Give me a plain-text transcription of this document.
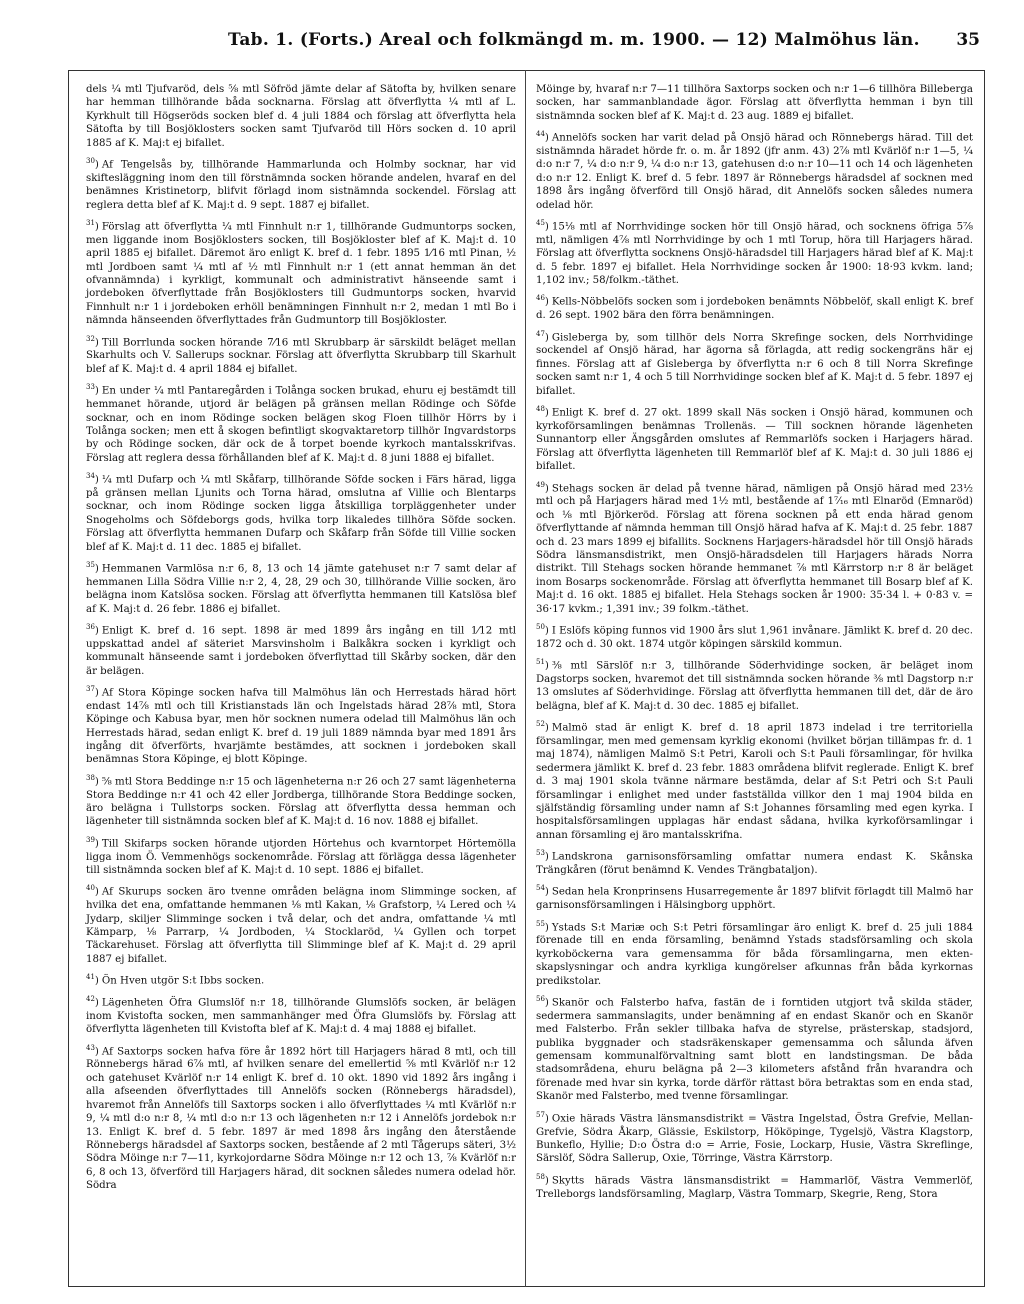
Tab. 1. (Forts.) Areal och folkmängd m. m. 1900. — 12) Malmöhus län. 35
dels ¼ mtl Tjufvaröd, dels ⅝ mtl Söfröd jämte delar af Sätofta by, hvilken senare har hemman tillhörande båda socknarna. Förslag att öfverflytta ¼ mtl af L. Kyrkhult till Högseröds socken blef d. 4 juli 1884 och förslag att öfverflytta hela Sätofta by till Bosjöklosters socken samt Tjufvaröd till Hörs socken d. 10 april 1885 af K. Maj:t ej bifallet.
$^{30}$) Af Tengelsås by, tillhörande Hammarlunda och Holmby socknar, har vid skiftesläggning inom den till förstnämnda socken hörande andelen, hvaraf en del benämnes Kristinetorp, blifvit förlagd inom sistnämnda sockendel. Förslag att reglera detta blef af K. Maj:t d. 9 sept. 1887 ej bifallet.
$^{31}$) Förslag att öfverflytta ¼ mtl Finnhult n:r 1, tillhörande Gudmuntorps socken, men liggande inom Bosjöklosters socken, till Bosjökloster blef af K. Maj:t d. 10 april 1885 ej bifallet. Däremot äro enligt K. bref d. 1 febr. 1895 1⁄16 mtl Pinan, ½ mtl Jordboen samt ¼ mtl af ½ mtl Finnhult n:r 1 (ett annat hemman än det ofvannämnda) i kyrkligt, kommunalt och administrativt hänseende samt i jordeboken öfverflyttade från Bosjöklosters till Gudmuntorps socken, hvarvid Finnhult n:r 1 i jordeboken erhöll benämningen Finnhult n:r 2, medan 1 mtl Bo i nämnda hänseenden öfverflyttades från Gudmuntorp till Bosjökloster.
$^{32}$) Till Borrlunda socken hörande 7⁄16 mtl Skrubbarp är särskildt beläget mellan Skarhults och V. Sallerups socknar. Förslag att öfverflytta Skrubbarp till Skarhult blef af K. Maj:t d. 4 april 1884 ej bifallet.
$^{33}$) En under ¼ mtl Pantaregården i Tolånga socken brukad, ehuru ej bestämdt till hemmanet hörande, utjord är belägen på gränsen mellan Rödinge och Söfde socknar, och en inom Rödinge socken belägen skog Floen tillhör Hörrs by i Tolånga socken; men ett å skogen befintligt skogvaktaretorp tillhör Ingvardstorps by och Rödinge socken, där ock de å torpet boende kyrkoch mantalsskrifvas. Förslag att reglera dessa förhållanden blef af K. Maj:t d. 8 juni 1888 ej bifallet.
$^{34}$) ¼ mtl Dufarp och ¼ mtl Skåfarp, tillhörande Söfde socken i Färs härad, ligga på gränsen mellan Ljunits och Torna härad, omslutna af Villie och Blentarps socknar, och inom Rödinge socken ligga åtskilliga torpläggenheter under Snogeholms och Söfdeborgs gods, hvilka torp likaledes tillhöra Söfde socken. Förslag att öfverflytta hemmanen Dufarp och Skåfarp från Söfde till Villie socken blef af K. Maj:t d. 11 dec. 1885 ej bifallet.
$^{35}$) Hemmanen Varmlösa n:r 6, 8, 13 och 14 jämte gatehuset n:r 7 samt delar af hemmanen Lilla Södra Villie n:r 2, 4, 28, 29 och 30, tillhörande Villie socken, äro belägna inom Katslösa socken. Förslag att öfverflytta hemmanen till Katslösa blef af K. Maj:t d. 26 febr. 1886 ej bifallet.
$^{36}$) Enligt K. bref d. 16 sept. 1898 är med 1899 års ingång en till 1⁄12 mtl uppskattad andel af säteriet Marsvinsholm i Balkåkra socken i kyrkligt och kommunalt hänseende samt i jordeboken öfverflyttad till Skårby socken, där den är belägen.
$^{37}$) Af Stora Köpinge socken hafva till Malmöhus län och Herrestads härad hört endast 14⅞ mtl och till Kristianstads län och Ingelstads härad 28⅞ mtl, Stora Köpinge och Kabusa byar, men hör socknen numera odelad till Malmöhus län och Herrestads härad, sedan enligt K. bref d. 19 juli 1889 nämnda byar med 1891 års ingång dit öfverförts, hvarjämte bestämdes, att socknen i jordeboken skall benämnas Stora Köpinge, ej blott Köpinge.
$^{38}$) ⅝ mtl Stora Beddinge n:r 15 och lägenheterna n:r 26 och 27 samt lägenheterna Stora Beddinge n:r 41 och 42 eller Jordberga, tillhörande Stora Beddinge socken, äro belägna i Tullstorps socken. Förslag att öfverflytta dessa hemman och lägenheter till sistnämnda socken blef af K. Maj:t d. 16 nov. 1888 ej bifallet.
$^{39}$) Till Skifarps socken hörande utjorden Hörtehus och kvarntorpet Hörtemölla ligga inom Ö. Vemmenhögs sockenområde. Förslag att förlägga dessa lägenheter till sistnämnda socken blef af K. Maj:t d. 10 sept. 1886 ej bifallet.
$^{40}$) Af Skurups socken äro tvenne områden belägna inom Slimminge socken, af hvilka det ena, omfattande hemmanen ⅛ mtl Kakan, ⅛ Grafstorp, ¼ Lered och ¼ Jydarp, skiljer Slimminge socken i två delar, och det andra, omfattande ¼ mtl Kämparp, ⅛ Parrarp, ¼ Jordboden, ¼ Stocklaröd, ¼ Gyllen och torpet Täckarehuset. Förslag att öfverflytta till Slimminge blef af K. Maj:t d. 29 april 1887 ej bifallet.
$^{41}$) Ön Hven utgör S:t Ibbs socken.
$^{42}$) Lägenheten Öfra Glumslöf n:r 18, tillhörande Glumslöfs socken, är belägen inom Kvistofta socken, men sammanhänger med Öfra Glumslöfs by. Förslag att öfverflytta lägenheten till Kvistofta blef af K. Maj:t d. 4 maj 1888 ej bifallet.
$^{43}$) Af Saxtorps socken hafva före år 1892 hört till Harjagers härad 8 mtl, och till Rönnebergs härad 6⅞ mtl, af hvilken senare del emellertid ⅝ mtl Kvärlöf n:r 12 och gatehuset Kvärlöf n:r 14 enligt K. bref d. 10 okt. 1890 vid 1892 års ingång i alla afseenden öfverflyttades till Annelöfs socken (Rönnebergs häradsdel), hvaremot från Annelöfs till Saxtorps socken i allo öfverflyttades ¼ mtl Kvärlöf n:r 9, ¼ mtl d:o n:r 8, ¼ mtl d:o n:r 13 och lägenheten n:r 12 i Annelöfs jordebok n:r 13. Enligt K. bref d. 5 febr. 1897 är med 1898 års ingång den återstående Rönnebergs häradsdel af Saxtorps socken, bestående af 2 mtl Tågerups säteri, 3½ Södra Möinge n:r 7—11, kyrkojordarne Södra Möinge n:r 12 och 13, ⅞ Kvärlöf n:r 6, 8 och 13, öfverförd till Harjagers härad, dit socknen således numera odelad hör. Södra
Möinge by, hvaraf n:r 7—11 tillhöra Saxtorps socken och n:r 1—6 tillhöra Billeberga socken, har sammanblandade ägor. Förslag att öfverflytta hemman i byn till sistnämnda socken blef af K. Maj:t d. 23 aug. 1889 ej bifallet.
$^{44}$) Annelöfs socken har varit delad på Onsjö härad och Rönnebergs härad. Till det sistnämnda häradet hörde fr. o. m. år 1892 (jfr anm. 43) 2⅞ mtl Kvärlöf n:r 1—5, ¼ d:o n:r 7, ¼ d:o n:r 9, ¼ d:o n:r 13, gatehusen d:o n:r 10—11 och 14 och lägenheten d:o n:r 12. Enligt K. bref d. 5 febr. 1897 är Rönnebergs häradsdel af socknen med 1898 års ingång öfverförd till Onsjö härad, dit Annelöfs socken således numera odelad hör.
$^{45}$) 15⅛ mtl af Norrhvidinge socken hör till Onsjö härad, och socknens öfriga 5⅞ mtl, nämligen 4⅞ mtl Norrhvidinge by och 1 mtl Torup, höra till Harjagers härad. Förslag att öfverflytta socknens Onsjö-häradsdel till Harjagers härad blef af K. Maj:t d. 5 febr. 1897 ej bifallet. Hela Norrhvidinge socken år 1900: 18·93 kvkm. land; 1,102 inv.; 58/folkm.-täthet.
$^{46}$) Kells-Nöbbelöfs socken som i jordeboken benämnts Nöbbelöf, skall enligt K. bref d. 26 sept. 1902 bära den förra benämningen.
$^{47}$) Gisleberga by, som tillhör dels Norra Skrefinge socken, dels Norrhvidinge sockendel af Onsjö härad, har ägorna så förlagda, att redig sockengräns här ej finnes. Förslag att af Gisleberga by öfverflytta n:r 6 och 8 till Norra Skrefinge socken samt n:r 1, 4 och 5 till Norrhvidinge socken blef af K. Maj:t d. 5 febr. 1897 ej bifallet.
$^{48}$) Enligt K. bref d. 27 okt. 1899 skall Näs socken i Onsjö härad, kommunen och kyrkoförsamlingen benämnas Trollenäs. — Till socknen hörande lägenheten Sunnantorp eller Ängsgården omslutes af Remmarlöfs socken i Harjagers härad. Förslag att öfverflytta lägenheten till Remmarlöf blef af K. Maj:t d. 30 juli 1886 ej bifallet.
$^{49}$) Stehags socken är delad på tvenne härad, nämligen på Onsjö härad med 23½ mtl och på Harjagers härad med 1½ mtl, bestående af 1⁷⁄₁₆ mtl Elnaröd (Emnaröd) och ⅛ mtl Björkeröd. Förslag att förena socknen på ett enda härad genom öfverflyttande af nämnda hemman till Onsjö härad hafva af K. Maj:t d. 25 febr. 1887 och d. 23 mars 1899 ej bifallits. Socknens Harjagers-häradsdel hör till Onsjö härads Södra länsmansdistrikt, men Onsjö-häradsdelen till Harjagers härads Norra distrikt. Till Stehags socken hörande hemmanet ⅞ mtl Kärrstorp n:r 8 är beläget inom Bosarps sockenområde. Förslag att öfverflytta hemmanet till Bosarp blef af K. Maj:t d. 16 okt. 1885 ej bifallet. Hela Stehags socken år 1900: 35·34 l. + 0·83 v. = 36·17 kvkm.; 1,391 inv.; 39 folkm.-täthet.
$^{50}$) I Eslöfs köping funnos vid 1900 års slut 1,961 invånare. Jämlikt K. bref d. 20 dec. 1872 och d. 30 okt. 1874 utgör köpingen särskild kommun.
$^{51}$) ⅜ mtl Särslöf n:r 3, tillhörande Söderhvidinge socken, är beläget inom Dagstorps socken, hvaremot det till sistnämnda socken hörande ⅜ mtl Dagstorp n:r 13 omslutes af Söderhvidinge. Förslag att öfverflytta hemmanen till det, där de äro belägna, blef af K. Maj:t d. 30 dec. 1885 ej bifallet.
$^{52}$) Malmö stad är enligt K. bref d. 18 april 1873 indelad i tre territoriella församlingar, men med gemensam kyrklig ekonomi (hvilket början tillämpas fr. d. 1 maj 1874), nämligen Malmö S:t Petri, Karoli och S:t Pauli församlingar, för hvilka sedermera jämlikt K. bref d. 23 febr. 1883 områdena blifvit reglerade. Enligt K. bref d. 3 maj 1901 skola tvänne närmare bestämda, delar af S:t Petri och S:t Pauli församlingar i enlighet med under fastställda villkor den 1 maj 1904 bilda en själfständig församling under namn af S:t Johannes församling med egen kyrka. I hospitalsförsamlingen upplagas här endast sådana, hvilka kyrkoförsamlingar i annan församling ej äro mantalsskrifna.
$^{53}$) Landskrona garnisonsförsamling omfattar numera endast K. Skånska Trängkåren (förut benämnd K. Vendes Trängbataljon).
$^{54}$) Sedan hela Kronprinsens Husarregemente år 1897 blifvit förlagdt till Malmö har garnisonsförsamlingen i Hälsingborg upphört.
$^{55}$) Ystads S:t Mariæ och S:t Petri församlingar äro enligt K. bref d. 25 juli 1884 förenade till en enda församling, benämnd Ystads stadsförsamling och skola kyrkoböckerna vara gemensamma för båda församlingarna, men ekten-skapslysningar och andra kyrkliga kungörelser afkunnas från båda kyrkornas predikstolar.
$^{56}$) Skanör och Falsterbo hafva, fastän de i forntiden utgjort två skilda städer, sedermera sammanslagits, under benämning af en endast Skanör och en Skanör med Falsterbo. Från sekler tillbaka hafva de styrelse, prästerskap, stadsjord, publika byggnader och stadsräkenskaper gemensamma och sålunda äfven gemensam kommunalförvaltning samt blott en landstingsman. De båda stadsområdena, ehuru belägna på 2—3 kilometers afstånd från hvarandra och förenade med hvar sin kyrka, torde därför rättast böra betraktas som en enda stad, Skanör med Falsterbo, med tvenne församlingar.
$^{57}$) Oxie härads Västra länsmansdistrikt = Västra Ingelstad, Östra Grefvie, Mellan-Grefvie, Södra Åkarp, Glässie, Eskilstorp, Hököpinge, Tygelsjö, Västra Klagstorp, Bunkeflo, Hyllie; D:o Östra d:o = Arrie, Fosie, Lockarp, Husie, Västra Skreflinge, Särslöf, Södra Sallerup, Oxie, Törringe, Västra Kärrstorp.
$^{58}$) Skytts härads Västra länsmansdistrikt = Hammarlöf, Västra Vemmerlöf, Trelleborgs landsförsamling, Maglarp, Västra Tommarp, Skegrie, Reng, Stora
